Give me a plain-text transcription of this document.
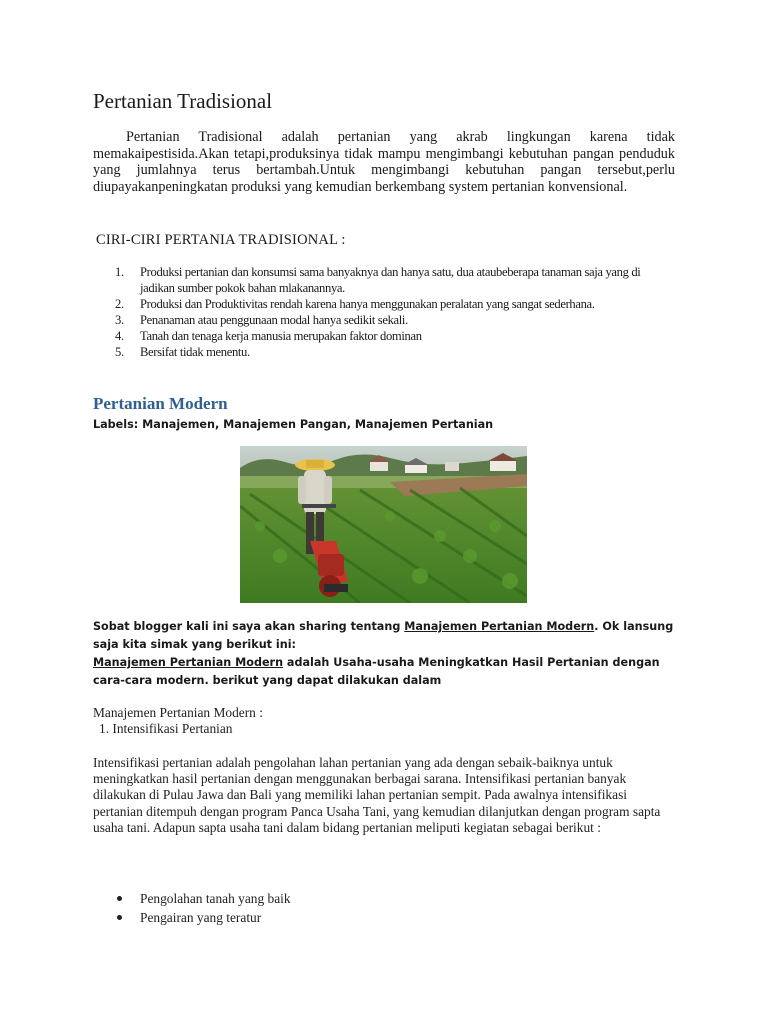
Pertanian Tradisional

Pertanian Tradisional adalah pertanian yang akrab lingkungan karena tidak memakaipestisida.Akan tetapi,produksinya tidak mampu mengimbangi kebutuhan pangan penduduk yang jumlahnya terus bertambah.Untuk mengimbangi kebutuhan pangan tersebut,perlu diupayakanpeningkatan produksi yang kemudian berkembang system pertanian konvensional.

CIRI-CIRI PERTANIA TRADISIONAL :

1. Produksi pertanian dan konsumsi sama banyaknya dan hanya satu, dua ataubeberapa tanaman saja yang di jadikan sumber pokok bahan mlakanannya.
2. Produksi dan Produktivitas rendah karena hanya menggunakan peralatan yang sangat sederhana.
3. Penanaman atau penggunaan modal hanya sedikit sekali.
4. Tanah dan tenaga kerja manusia merupakan faktor dominan
5. Bersifat tidak menentu.
Pertanian Modern

Labels: Manajemen, Manajemen Pangan, Manajemen Pertanian

Sobat blogger kali ini saya akan sharing tentang Manajemen Pertanian Modern. Ok lansung saja kita simak yang berikut ini:
Manajemen Pertanian Modern adalah Usaha-usaha Meningkatkan Hasil Pertanian dengan cara-cara modern. berikut yang dapat dilakukan dalam

Manajemen Pertanian Modern :

1. Intensifikasi Pertanian

Intensifikasi pertanian adalah pengolahan lahan pertanian yang ada dengan sebaik-baiknya untuk meningkatkan hasil pertanian dengan menggunakan berbagai sarana. Intensifikasi pertanian banyak dilakukan di Pulau Jawa dan Bali yang memiliki lahan pertanian sempit. Pada awalnya intensifikasi pertanian ditempuh dengan program Panca Usaha Tani, yang kemudian dilanjutkan dengan program sapta usaha tani. Adapun sapta usaha tani dalam bidang pertanian meliputi kegiatan sebagai berikut :

Pengolahan tanah yang baik
Pengairan yang teratur
